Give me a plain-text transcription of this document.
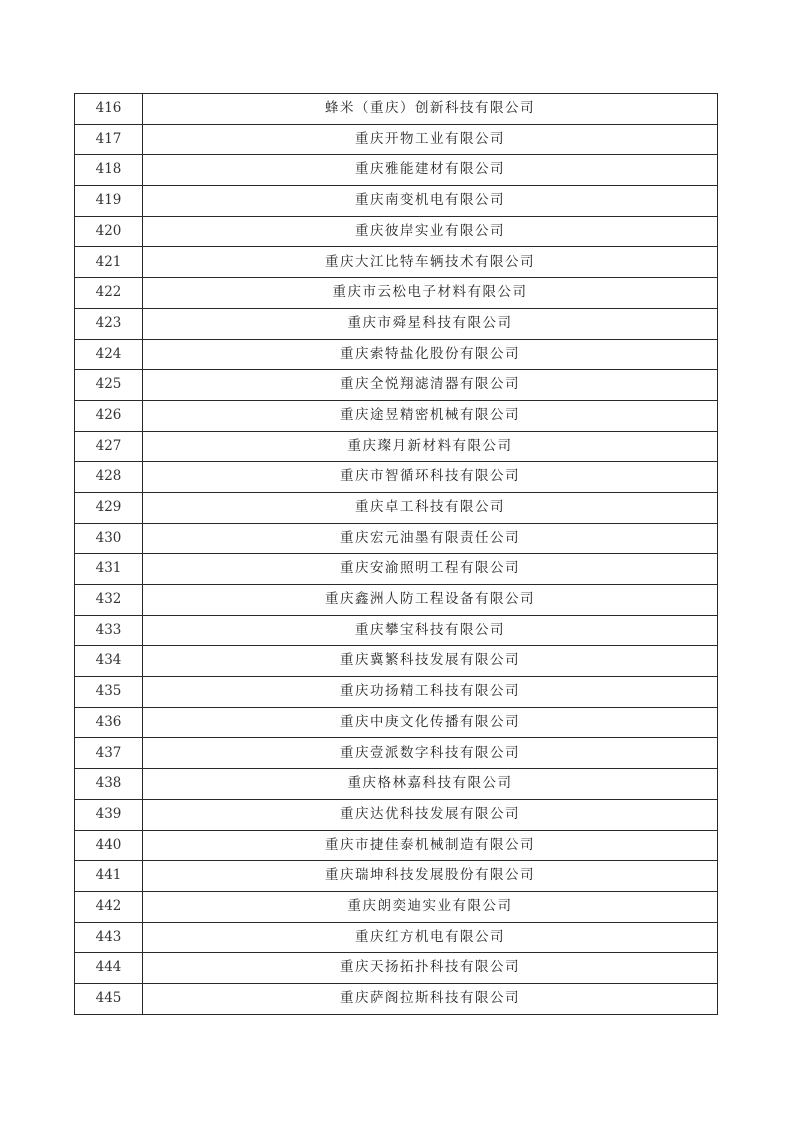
416	蜂米（重庆）创新科技有限公司
417	重庆开物工业有限公司
418	重庆雅能建材有限公司
419	重庆南变机电有限公司
420	重庆彼岸实业有限公司
421	重庆大江比特车辆技术有限公司
422	重庆市云松电子材料有限公司
423	重庆市舜星科技有限公司
424	重庆索特盐化股份有限公司
425	重庆全悦翔滤清器有限公司
426	重庆途昱精密机械有限公司
427	重庆璨月新材料有限公司
428	重庆市智循环科技有限公司
429	重庆卓工科技有限公司
430	重庆宏元油墨有限责任公司
431	重庆安渝照明工程有限公司
432	重庆鑫洲人防工程设备有限公司
433	重庆攀宝科技有限公司
434	重庆冀繁科技发展有限公司
435	重庆功扬精工科技有限公司
436	重庆中庚文化传播有限公司
437	重庆壹派数字科技有限公司
438	重庆格林嘉科技有限公司
439	重庆达优科技发展有限公司
440	重庆市捷佳泰机械制造有限公司
441	重庆瑞坤科技发展股份有限公司
442	重庆朗奕迪实业有限公司
443	重庆红方机电有限公司
444	重庆天扬拓扑科技有限公司
445	重庆萨阁拉斯科技有限公司
